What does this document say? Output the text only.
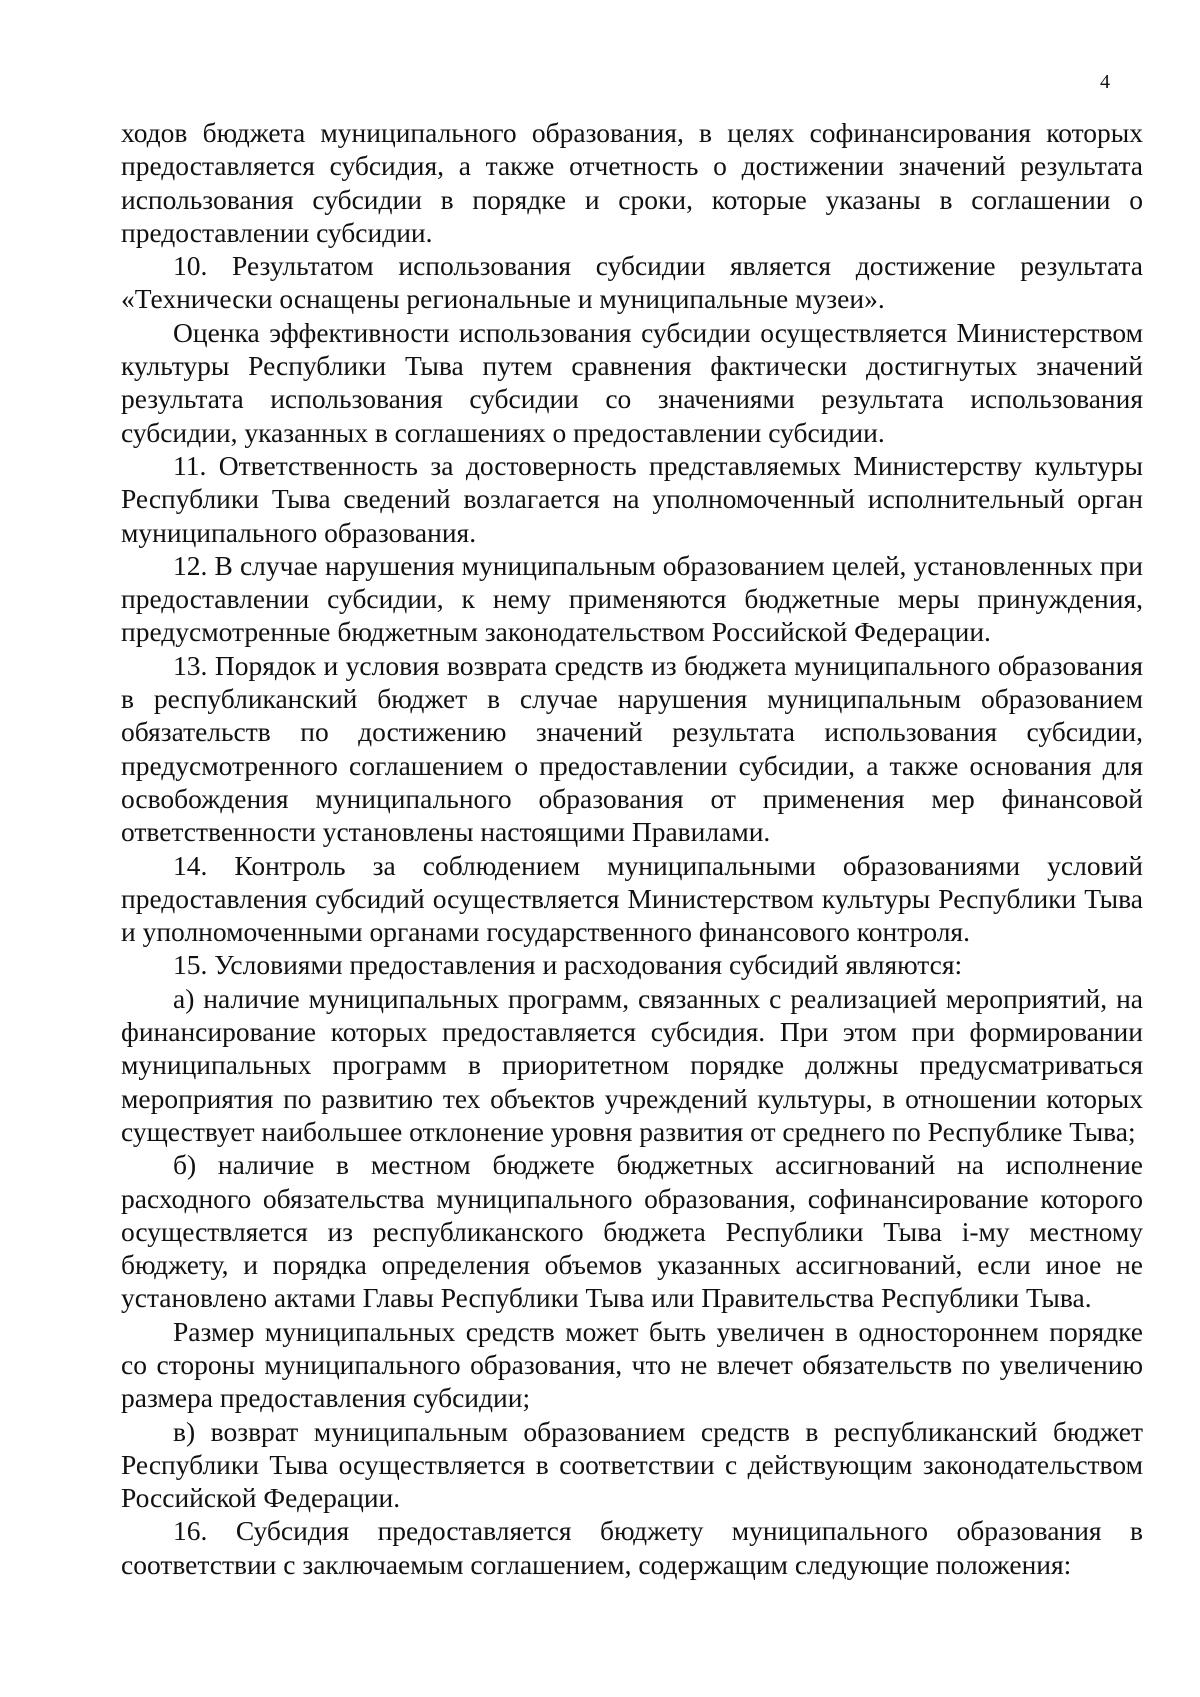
4

ходов бюджета муниципального образования, в целях софинансирования которых предоставляется субсидия, а также отчетность о достижении значений результата использования субсидии в порядке и сроки, которые указаны в соглашении о предоставлении субсидии.

10. Результатом использования субсидии является достижение результата «Технически оснащены региональные и муниципальные музеи».

Оценка эффективности использования субсидии осуществляется Министерством культуры Республики Тыва путем сравнения фактически достигнутых значений результата использования субсидии со значениями результата использования субсидии, указанных в соглашениях о предоставлении субсидии.

11. Ответственность за достоверность представляемых Министерству культуры Республики Тыва сведений возлагается на уполномоченный исполнительный орган муниципального образования.

12. В случае нарушения муниципальным образованием целей, установленных при предоставлении субсидии, к нему применяются бюджетные меры принуждения, предусмотренные бюджетным законодательством Российской Федерации.

13. Порядок и условия возврата средств из бюджета муниципального образования в республиканский бюджет в случае нарушения муниципальным образованием обязательств по достижению значений результата использования субсидии, предусмотренного соглашением о предоставлении субсидии, а также основания для освобождения муниципального образования от применения мер финансовой ответственности установлены настоящими Правилами.

14. Контроль за соблюдением муниципальными образованиями условий предоставления субсидий осуществляется Министерством культуры Республики Тыва и уполномоченными органами государственного финансового контроля.

15. Условиями предоставления и расходования субсидий являются:

а) наличие муниципальных программ, связанных с реализацией мероприятий, на финансирование которых предоставляется субсидия. При этом при формировании муниципальных программ в приоритетном порядке должны предусматриваться мероприятия по развитию тех объектов учреждений культуры, в отношении которых существует наибольшее отклонение уровня развития от среднего по Республике Тыва;

б) наличие в местном бюджете бюджетных ассигнований на исполнение расходного обязательства муниципального образования, софинансирование которого осуществляется из республиканского бюджета Республики Тыва і-му местному бюджету, и порядка определения объемов указанных ассигнований, если иное не установлено актами Главы Республики Тыва или Правительства Республики Тыва.

Размер муниципальных средств может быть увеличен в одностороннем порядке со стороны муниципального образования, что не влечет обязательств по увеличению размера предоставления субсидии;

в) возврат муниципальным образованием средств в республиканский бюджет Республики Тыва осуществляется в соответствии с действующим законодательством Российской Федерации.

16. Субсидия предоставляется бюджету муниципального образования в соответствии с заключаемым соглашением, содержащим следующие положения:
